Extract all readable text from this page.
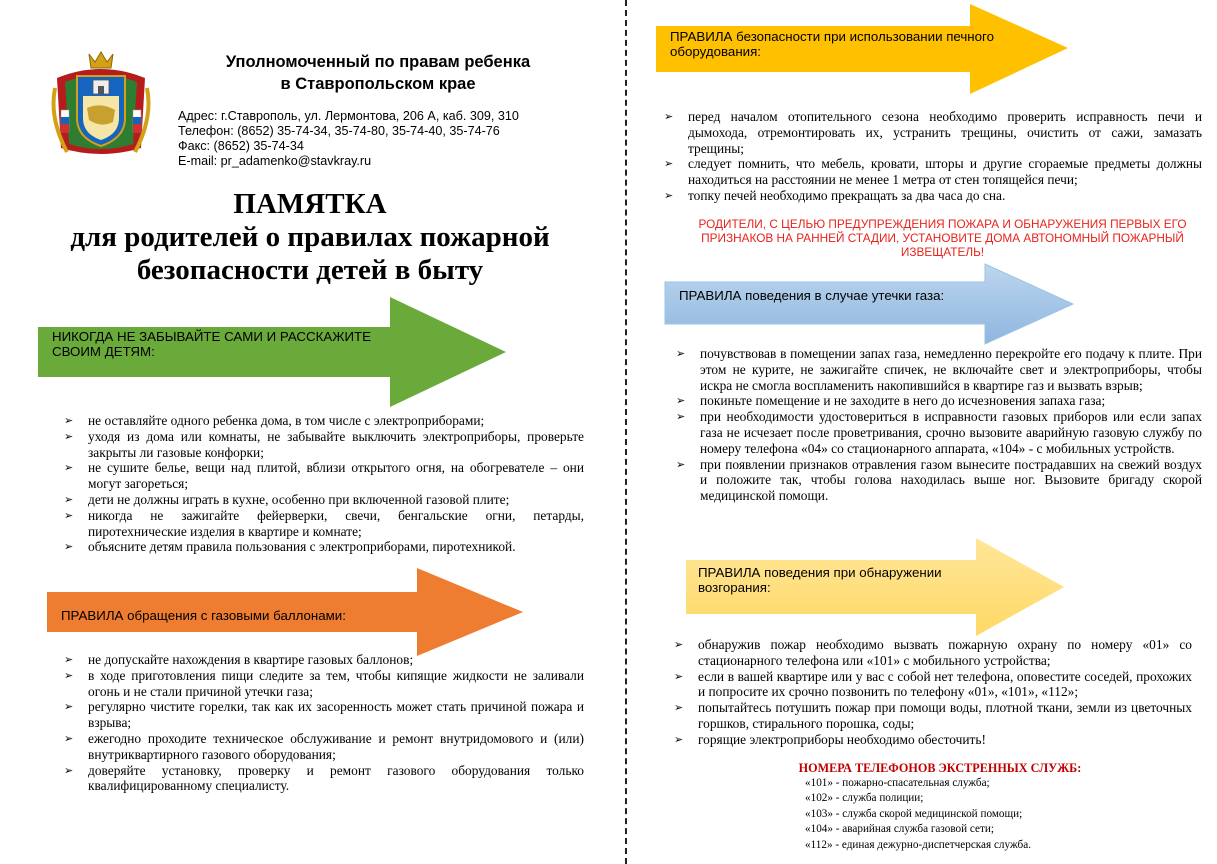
Уполномоченный по правам ребенка
в Ставропольском крае
Адрес: г.Ставрополь, ул. Лермонтова, 206 А, каб. 309, 310
Телефон: (8652) 35-74-34, 35-74-80, 35-74-40, 35-74-76
Факс: (8652) 35-74-34
E-mail: pr_adamenko@stavkray.ru
ПАМЯТКА
для родителей о правилах пожарной
безопасности детей в быту
НИКОГДА НЕ ЗАБЫВАЙТЕ САМИ И РАССКАЖИТЕ
СВОИМ ДЕТЯМ:
➢ не оставляйте одного ребенка дома, в том числе с электроприборами;
➢ уходя из дома или комнаты, не забывайте выключить электроприборы, проверьте закрыты ли газовые конфорки;
➢ не сушите белье, вещи над плитой, вблизи открытого огня, на обогревателе – они могут загореться;
➢ дети не должны играть в кухне, особенно при включенной газовой плите;
➢ никогда не зажигайте фейерверки, свечи, бенгальские огни, петарды, пиротехнические изделия в квартире и комнате;
➢ объясните детям правила пользования с электроприборами, пиротехникой.
ПРАВИЛА обращения с газовыми баллонами:
➢ не допускайте нахождения в квартире газовых баллонов;
➢ в ходе приготовления пищи следите за тем, чтобы кипящие жидкости не заливали огонь и не стали причиной утечки газа;
➢ регулярно чистите горелки, так как их засоренность может стать причиной пожара и взрыва;
➢ ежегодно проходите техническое обслуживание и ремонт внутридомового и (или) внутриквартирного газового оборудования;
➢ доверяйте установку, проверку и ремонт газового оборудования только квалифицированному специалисту.
ПРАВИЛА безопасности при использовании печного
оборудования:
➢ перед началом отопительного сезона необходимо проверить исправность печи и дымохода, отремонтировать их, устранить трещины, очистить от сажи, замазать трещины;
➢ следует помнить, что мебель, кровати, шторы и другие сгораемые предметы должны находиться на расстоянии не менее 1 метра от стен топящейся печи;
➢ топку печей необходимо прекращать за два часа до сна.
РОДИТЕЛИ, С ЦЕЛЬЮ ПРЕДУПРЕЖДЕНИЯ ПОЖАРА И ОБНАРУЖЕНИЯ ПЕРВЫХ ЕГО ПРИЗНАКОВ НА РАННЕЙ СТАДИИ, УСТАНОВИТЕ ДОМА АВТОНОМНЫЙ ПОЖАРНЫЙ ИЗВЕЩАТЕЛЬ!
ПРАВИЛА поведения в случае утечки газа:
➢ почувствовав в помещении запах газа, немедленно перекройте его подачу к плите. При этом не курите, не зажигайте спичек, не включайте свет и электроприборы, чтобы искра не смогла воспламенить накопившийся в квартире газ и вызвать взрыв;
➢ покиньте помещение и не заходите в него до исчезновения запаха газа;
➢ при необходимости удостовериться в исправности газовых приборов или если запах газа не исчезает после проветривания, срочно вызовите аварийную газовую службу по номеру телефона «04» со стационарного аппарата, «104» - с мобильных устройств.
➢ при появлении признаков отравления газом вынесите пострадавших на свежий воздух и положите так, чтобы голова находилась выше ног. Вызовите бригаду скорой медицинской помощи.
ПРАВИЛА поведения при обнаружении
возгорания:
➢ обнаружив пожар необходимо вызвать пожарную охрану по номеру «01» со стационарного телефона или «101» с мобильного устройства;
➢ если в вашей квартире или у вас с собой нет телефона, оповестите соседей, прохожих и попросите их срочно позвонить по телефону «01», «101», «112»;
➢ попытайтесь потушить пожар при помощи воды, плотной ткани, земли из цветочных горшков, стирального порошка, соды;
➢ горящие электроприборы необходимо обесточить!
НОМЕРА ТЕЛЕФОНОВ ЭКСТРЕННЫХ СЛУЖБ:
«101» - пожарно-спасательная служба;
«102» - служба полиции;
«103» - служба скорой медицинской помощи;
«104» - аварийная служба газовой сети;
«112» - единая дежурно-диспетчерская служба.
